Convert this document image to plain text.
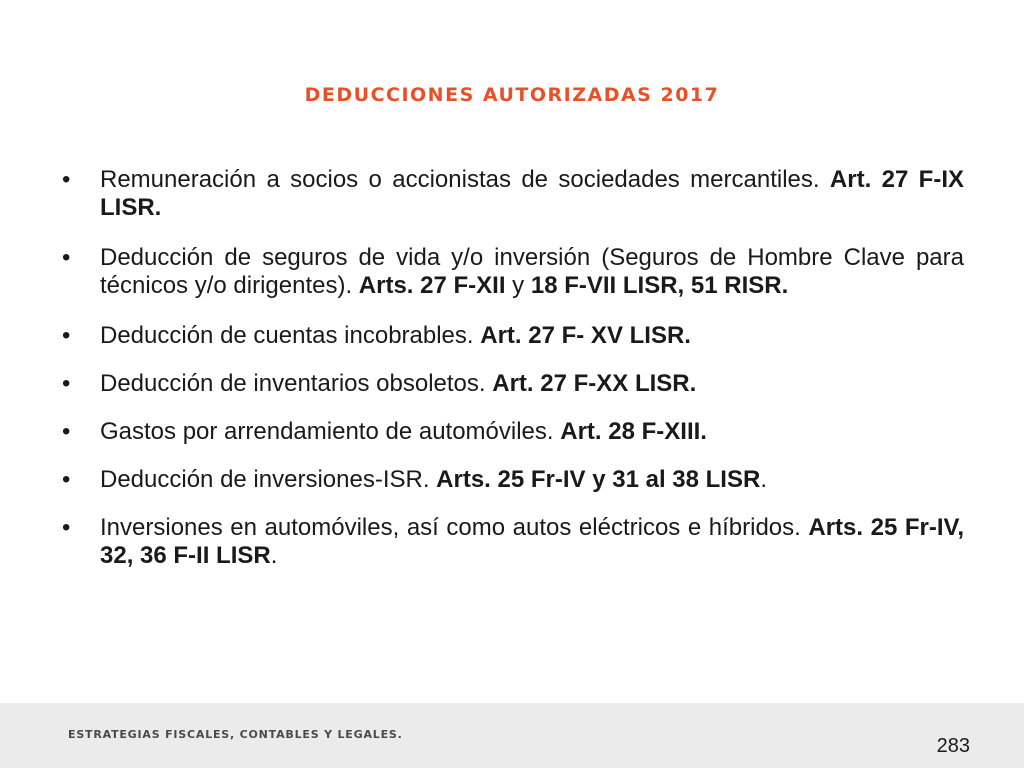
DEDUCCIONES AUTORIZADAS 2017
•	Remuneración a socios o accionistas de sociedades mercantiles. Art. 27 F-IX LISR.
•	Deducción de seguros de vida y/o inversión (Seguros de Hombre Clave para técnicos y/o dirigentes). Arts. 27 F-XII y 18 F-VII LISR, 51 RISR.
•	Deducción de cuentas incobrables. Art. 27 F- XV LISR.
•	Deducción de inventarios obsoletos. Art. 27 F-XX LISR.
•	Gastos por arrendamiento de automóviles. Art. 28 F-XIII.
•	Deducción de inversiones-ISR. Arts. 25 Fr-IV y 31 al 38 LISR.
•	Inversiones en automóviles, así como autos eléctricos e híbridos. Arts. 25 Fr-IV, 32, 36 F-II LISR.
ESTRATEGIAS FISCALES, CONTABLES Y LEGALES.
283
